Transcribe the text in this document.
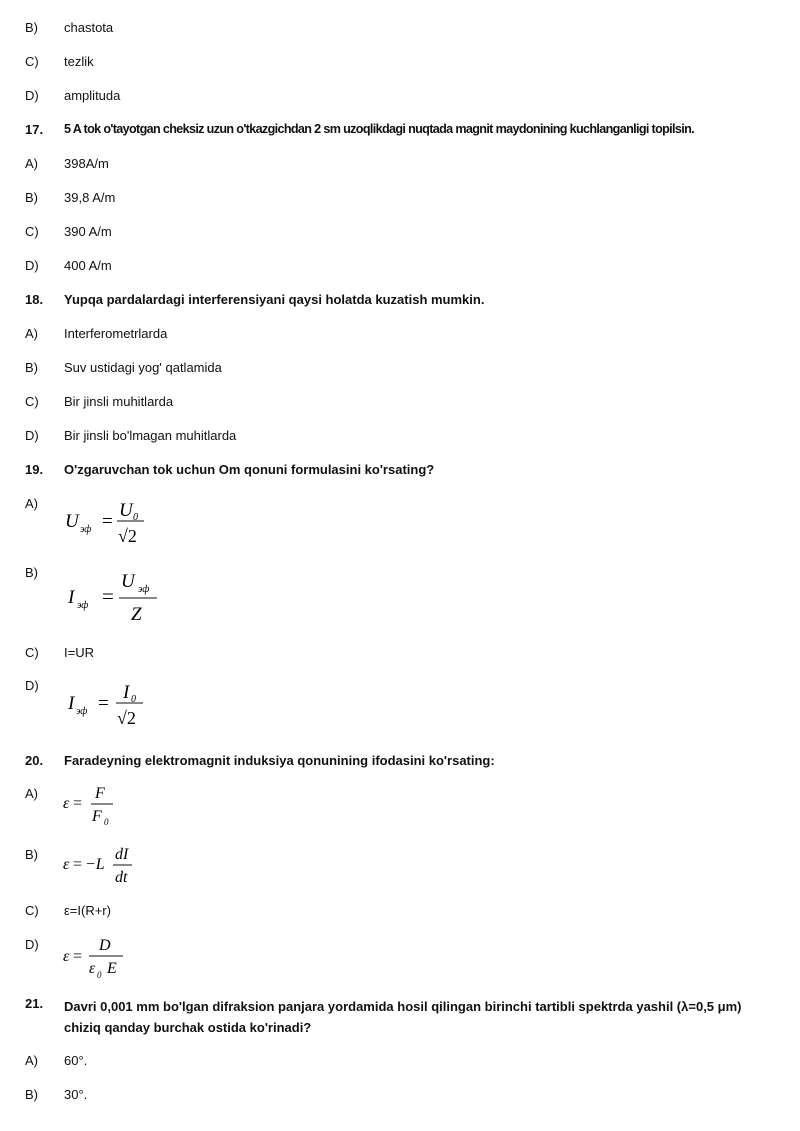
B) chastota
C) tezlik
D) amplituda
17. 5 A tok o'tayotgan cheksiz uzun o'tkazgichdan 2 sm uzoqlikdagi nuqtada magnit maydonining kuchlanganligi topilsin.
A) 398A/m
B) 39,8 A/m
C) 390 A/m
D) 400 A/m
18. Yupqa pardalardagi interferensiyani qaysi holatda kuzatish mumkin.
A) Interferometrlarda
B) Suv ustidagi yog' qatlamida
C) Bir jinsli muhitlarda
D) Bir jinsli bo'lmagan muhitlarda
19. O'zgaruvchan tok uchun Om qonuni formulasini ko'rsating?
A)
U эф =
U 0
√2
B)
I эф =
U эф
Z
C) I=UR
D)
I эф =
I 0
√2
20. Faradeyning elektromagnit induksiya qonunining ifodasini ko'rsating:
A)
ε =
F
F 0
B)
ε = −L
dI
dt
C) ε=I(R+r)
D)
ε =
D
ε 0 E
21. Davri 0,001 mm bo'lgan difraksion panjara yordamida hosil qilingan birinchi tartibli spektrda yashil (λ=0,5 μm) chiziq qanday burchak ostida ko'rinadi?
A) 60°.
B) 30°.
